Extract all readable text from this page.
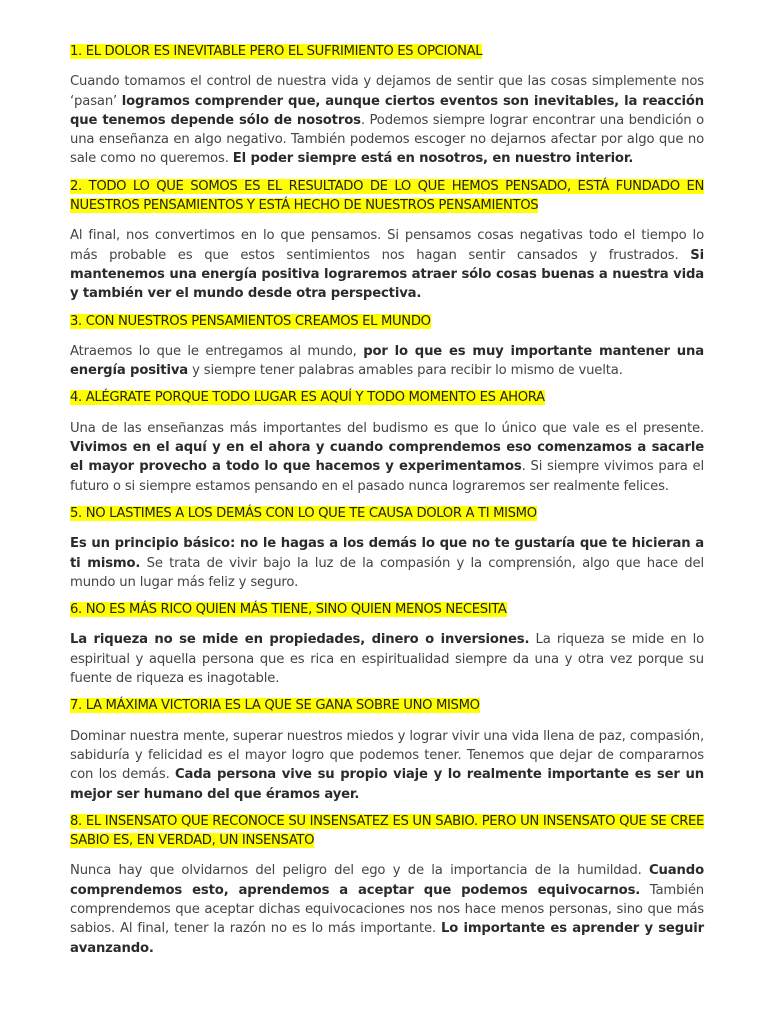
1. EL DOLOR ES INEVITABLE PERO EL SUFRIMIENTO ES OPCIONAL

Cuando tomamos el control de nuestra vida y dejamos de sentir que las cosas simplemente nos ‘pasan’ logramos comprender que, aunque ciertos eventos son inevitables, la reacción que tenemos depende sólo de nosotros. Podemos siempre lograr encontrar una bendición o una enseñanza en algo negativo. También podemos escoger no dejarnos afectar por algo que no sale como no queremos. El poder siempre está en nosotros, en nuestro interior.

2. TODO LO QUE SOMOS ES EL RESULTADO DE LO QUE HEMOS PENSADO, ESTÁ FUNDADO EN NUESTROS PENSAMIENTOS Y ESTÁ HECHO DE NUESTROS PENSAMIENTOS

Al final, nos convertimos en lo que pensamos. Si pensamos cosas negativas todo el tiempo lo más probable es que estos sentimientos nos hagan sentir cansados y frustrados. Si mantenemos una energía positiva lograremos atraer sólo cosas buenas a nuestra vida y también ver el mundo desde otra perspectiva.

3. CON NUESTROS PENSAMIENTOS CREAMOS EL MUNDO

Atraemos lo que le entregamos al mundo, por lo que es muy importante mantener una energía positiva y siempre tener palabras amables para recibir lo mismo de vuelta.

4. ALÉGRATE PORQUE TODO LUGAR ES AQUÍ Y TODO MOMENTO ES AHORA

Una de las enseñanzas más importantes del budismo es que lo único que vale es el presente. Vivimos en el aquí y en el ahora y cuando comprendemos eso comenzamos a sacarle el mayor provecho a todo lo que hacemos y experimentamos. Si siempre vivimos para el futuro o si siempre estamos pensando en el pasado nunca lograremos ser realmente felices.

5. NO LASTIMES A LOS DEMÁS CON LO QUE TE CAUSA DOLOR A TI MISMO

Es un principio básico: no le hagas a los demás lo que no te gustaría que te hicieran a ti mismo. Se trata de vivir bajo la luz de la compasión y la comprensión, algo que hace del mundo un lugar más feliz y seguro.

6. NO ES MÁS RICO QUIEN MÁS TIENE, SINO QUIEN MENOS NECESITA

La riqueza no se mide en propiedades, dinero o inversiones. La riqueza se mide en lo espiritual y aquella persona que es rica en espiritualidad siempre da una y otra vez porque su fuente de riqueza es inagotable.

7. LA MÁXIMA VICTORIA ES LA QUE SE GANA SOBRE UNO MISMO

Dominar nuestra mente, superar nuestros miedos y lograr vivir una vida llena de paz, compasión, sabiduría y felicidad es el mayor logro que podemos tener. Tenemos que dejar de compararnos con los demás. Cada persona vive su propio viaje y lo realmente importante es ser un mejor ser humano del que éramos ayer.

8. EL INSENSATO QUE RECONOCE SU INSENSATEZ ES UN SABIO. PERO UN INSENSATO QUE SE CREE SABIO ES, EN VERDAD, UN INSENSATO

Nunca hay que olvidarnos del peligro del ego y de la importancia de la humildad. Cuando comprendemos esto, aprendemos a aceptar que podemos equivocarnos. También comprendemos que aceptar dichas equivocaciones nos nos hace menos personas, sino que más sabios. Al final, tener la razón no es lo más importante. Lo importante es aprender y seguir avanzando.
